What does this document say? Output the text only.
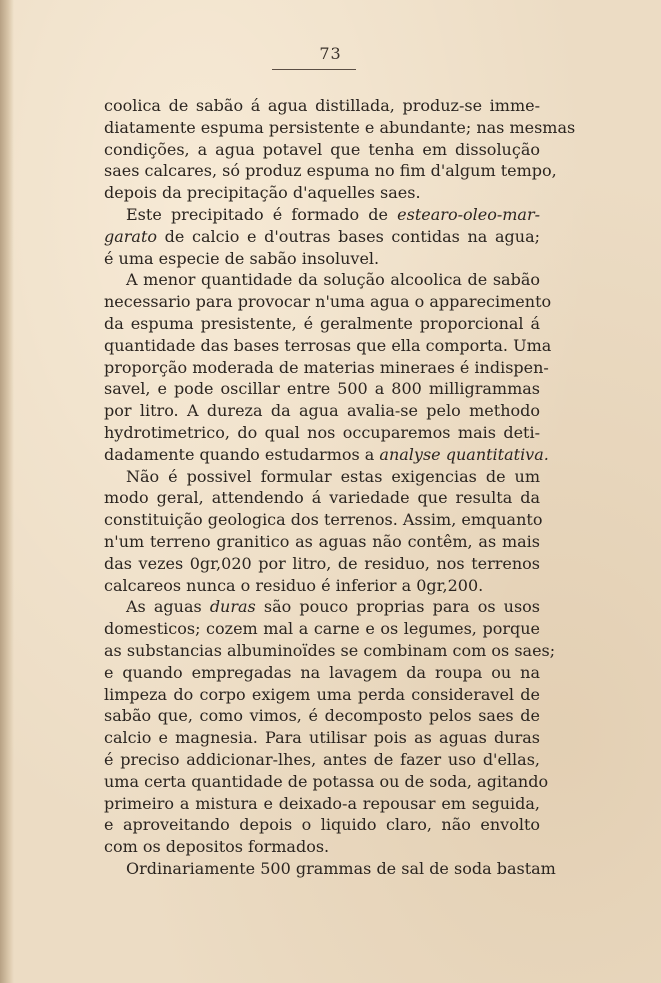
73
coolica de sabão á agua distillada, produz-se imme-
diatamente espuma persistente e abundante; nas mesmas
condições, a agua potavel que tenha em dissolução
saes calcares, só produz espuma no fim d'algum tempo,
depois da precipitação d'aquelles saes.
Este precipitado é formado de estearo-oleo-mar-
garato de calcio e d'outras bases contidas na agua;
é uma especie de sabão insoluvel.
A menor quantidade da solução alcoolica de sabão
necessario para provocar n'uma agua o apparecimento
da espuma presistente, é geralmente proporcional á
quantidade das bases terrosas que ella comporta. Uma
proporção moderada de materias mineraes é indispen-
savel, e pode oscillar entre 500 a 800 milligrammas
por litro. A dureza da agua avalia-se pelo methodo
hydrotimetrico, do qual nos occuparemos mais deti-
dadamente quando estudarmos a analyse quantitativa.
Não é possivel formular estas exigencias de um
modo geral, attendendo á variedade que resulta da
constituição geologica dos terrenos. Assim, emquanto
n'um terreno granitico as aguas não contêm, as mais
das vezes 0gr,020 por litro, de residuo, nos terrenos
calcareos nunca o residuo é inferior a 0gr,200.
As aguas duras são pouco proprias para os usos
domesticos; cozem mal a carne e os legumes, porque
as substancias albuminoïdes se combinam com os saes;
e quando empregadas na lavagem da roupa ou na
limpeza do corpo exigem uma perda consideravel de
sabão que, como vimos, é decomposto pelos saes de
calcio e magnesia. Para utilisar pois as aguas duras
é preciso addicionar-lhes, antes de fazer uso d'ellas,
uma certa quantidade de potassa ou de soda, agitando
primeiro a mistura e deixado-a repousar em seguida,
e aproveitando depois o liquido claro, não envolto
com os depositos formados.
Ordinariamente 500 grammas de sal de soda bastam
